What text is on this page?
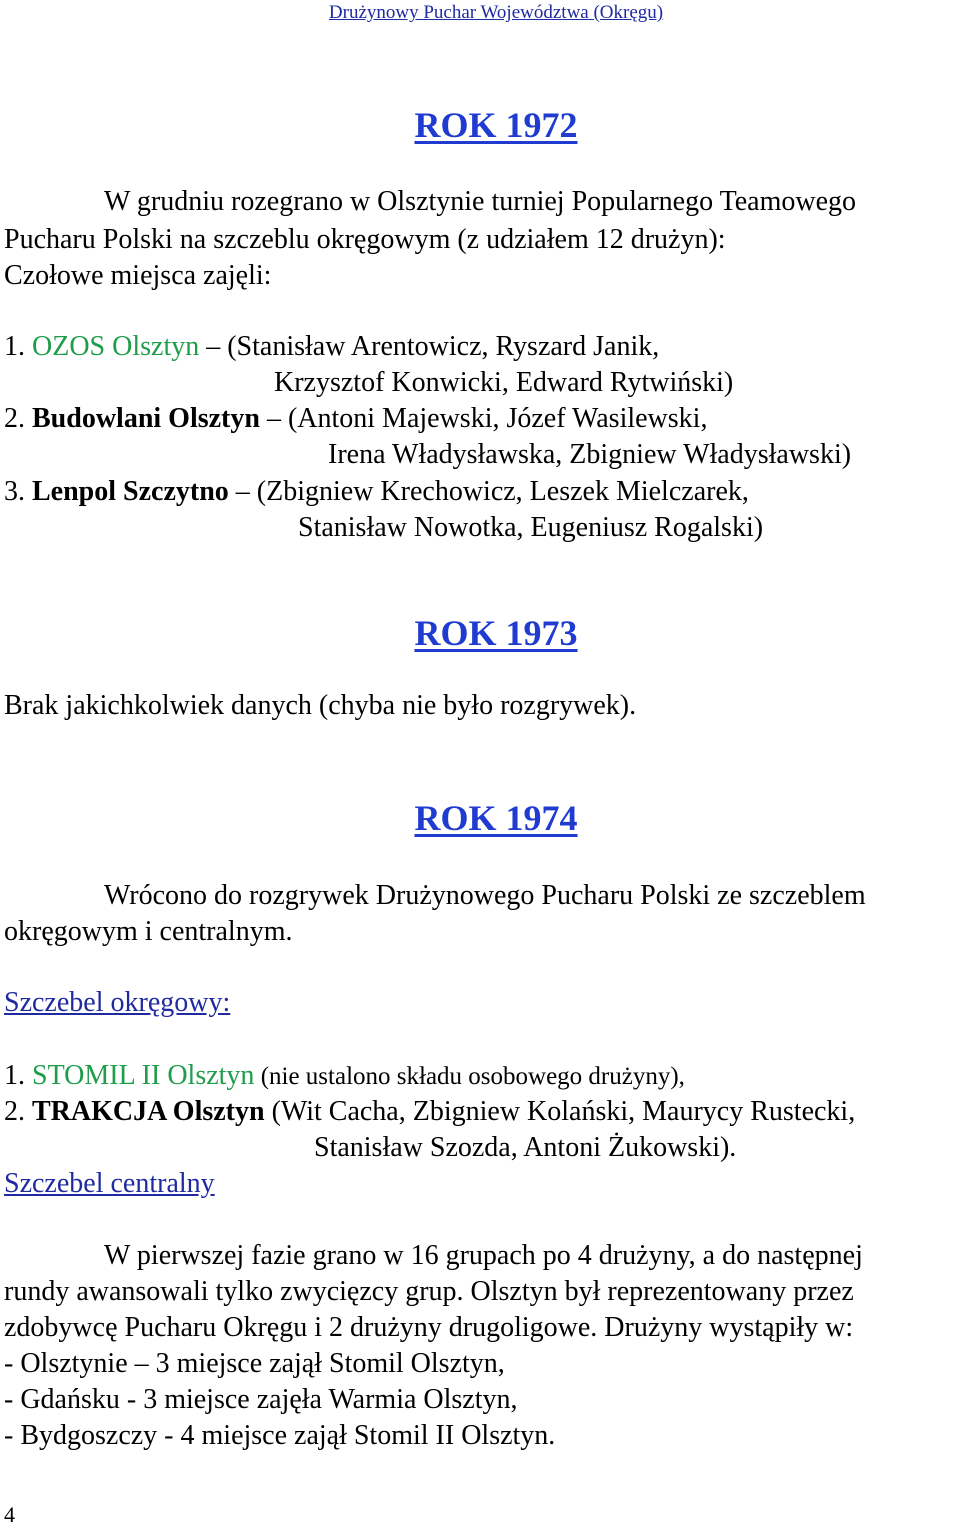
Drużynowy Puchar Województwa (Okręgu)
ROK 1972
W grudniu rozegrano w Olsztynie turniej Popularnego Teamowego
Pucharu Polski na szczeblu okręgowym (z udziałem 12 drużyn):
Czołowe miejsca zajęli:
1. OZOS Olsztyn – (Stanisław Arentowicz, Ryszard Janik,
Krzysztof Konwicki, Edward Rytwiński)
2. Budowlani Olsztyn – (Antoni Majewski, Józef Wasilewski,
Irena Władysławska, Zbigniew Władysławski)
3. Lenpol Szczytno – (Zbigniew Krechowicz, Leszek Mielczarek,
Stanisław Nowotka, Eugeniusz Rogalski)
ROK 1973
Brak jakichkolwiek danych (chyba nie było rozgrywek).
ROK 1974
Wrócono do rozgrywek Drużynowego Pucharu Polski ze szczeblem
okręgowym i centralnym.
Szczebel okręgowy:
1. STOMIL II Olsztyn (nie ustalono składu osobowego drużyny),
2. TRAKCJA Olsztyn (Wit Cacha, Zbigniew Kolański, Maurycy Rustecki,
Stanisław Szozda, Antoni Żukowski).
Szczebel centralny
W pierwszej fazie grano w 16 grupach po 4 drużyny, a do następnej
rundy awansowali tylko zwycięzcy grup. Olsztyn był reprezentowany przez
zdobywcę Pucharu Okręgu i 2 drużyny drugoligowe. Drużyny wystąpiły w:
- Olsztynie – 3 miejsce zajął Stomil Olsztyn,
- Gdańsku - 3 miejsce zajęła Warmia Olsztyn,
- Bydgoszczy - 4 miejsce zajął Stomil II Olsztyn.
4
